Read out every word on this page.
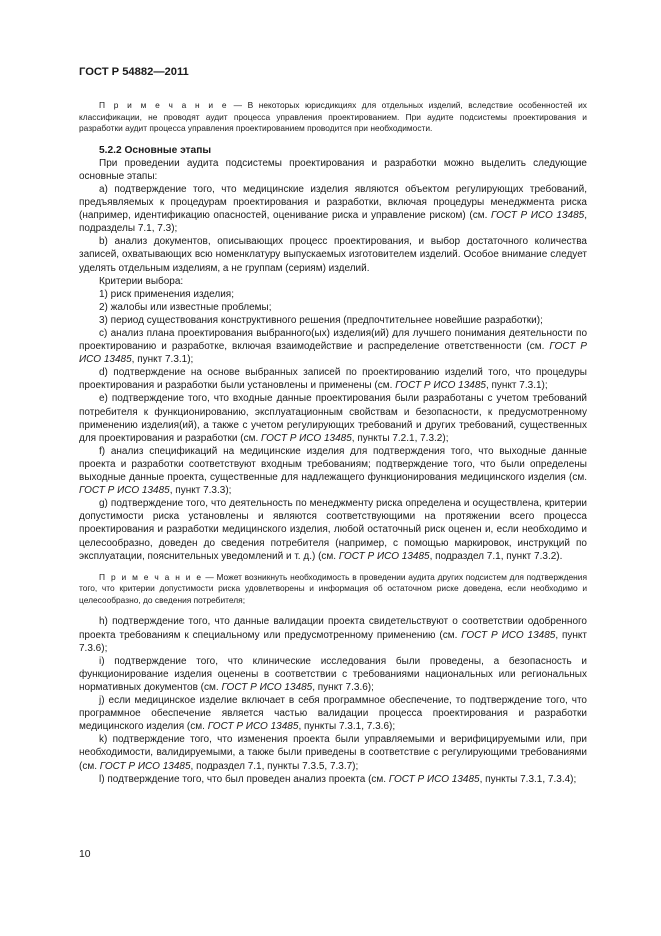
ГОСТ Р 54882—2011

П р и м е ч а н и е — В некоторых юрисдикциях для отдельных изделий, вследствие особенностей их классификации, не проводят аудит процесса управления проектированием. При аудите подсистемы проектирования и разработки аудит процесса управления проектированием проводится при необходимости.

5.2.2 Основные этапы

При проведении аудита подсистемы проектирования и разработки можно выделить следующие основные этапы:

а) подтверждение того, что медицинские изделия являются объектом регулирующих требований, предъявляемых к процедурам проектирования и разработки, включая процедуры менеджмента риска (например, идентификацию опасностей, оценивание риска и управление риском) (см. ГОСТ Р ИСО 13485, подразделы 7.1, 7.3);

b) анализ документов, описывающих процесс проектирования, и выбор достаточного количества записей, охватывающих всю номенклатуру выпускаемых изготовителем изделий. Особое внимание следует уделять отдельным изделиям, а не группам (сериям) изделий.

Критерии выбора:

1) риск применения изделия;

2) жалобы или известные проблемы;

3) период существования конструктивного решения (предпочтительнее новейшие разработки);

с) анализ плана проектирования выбранного(ых) изделия(ий) для лучшего понимания деятельности по проектированию и разработке, включая взаимодействие и распределение ответственности (см. ГОСТ Р ИСО 13485, пункт 7.3.1);

d) подтверждение на основе выбранных записей по проектированию изделий того, что процедуры проектирования и разработки были установлены и применены (см. ГОСТ Р ИСО 13485, пункт 7.3.1);

е) подтверждение того, что входные данные проектирования были разработаны с учетом требований потребителя к функционированию, эксплуатационным свойствам и безопасности, к предусмотренному применению изделия(ий), а также с учетом регулирующих требований и других требований, существенных для проектирования и разработки (см. ГОСТ Р ИСО 13485, пункты 7.2.1, 7.3.2);

f) анализ спецификаций на медицинские изделия для подтверждения того, что выходные данные проекта и разработки соответствуют входным требованиям; подтверждение того, что были определены выходные данные проекта, существенные для надлежащего функционирования медицинского изделия (см. ГОСТ Р ИСО 13485, пункт 7.3.3);

g) подтверждение того, что деятельность по менеджменту риска определена и осуществлена, критерии допустимости риска установлены и являются соответствующими на протяжении всего процесса проектирования и разработки медицинского изделия, любой остаточный риск оценен и, если необходимо и целесообразно, доведен до сведения потребителя (например, с помощью маркировок, инструкций по эксплуатации, пояснительных уведомлений и т. д.) (см. ГОСТ Р ИСО 13485, подраздел 7.1, пункт 7.3.2).

П р и м е ч а н и е — Может возникнуть необходимость в проведении аудита других подсистем для подтверждения того, что критерии допустимости риска удовлетворены и информация об остаточном риске доведена, если необходимо и целесообразно, до сведения потребителя;

h) подтверждение того, что данные валидации проекта свидетельствуют о соответствии одобренного проекта требованиям к специальному или предусмотренному применению (см. ГОСТ Р ИСО 13485, пункт 7.3.6);

i) подтверждение того, что клинические исследования были проведены, а безопасность и функционирование изделия оценены в соответствии с требованиями национальных или региональных нормативных документов (см. ГОСТ Р ИСО 13485, пункт 7.3.6);

j) если медицинское изделие включает в себя программное обеспечение, то подтверждение того, что программное обеспечение является частью валидации процесса проектирования и разработки медицинского изделия (см. ГОСТ Р ИСО 13485, пункты 7.3.1, 7.3.6);

k) подтверждение того, что изменения проекта были управляемыми и верифицируемыми или, при необходимости, валидируемыми, а также были приведены в соответствие с регулирующими требованиями (см. ГОСТ Р ИСО 13485, подраздел 7.1, пункты 7.3.5, 7.3.7);

l) подтверждение того, что был проведен анализ проекта (см. ГОСТ Р ИСО 13485, пункты 7.3.1, 7.3.4);

10
